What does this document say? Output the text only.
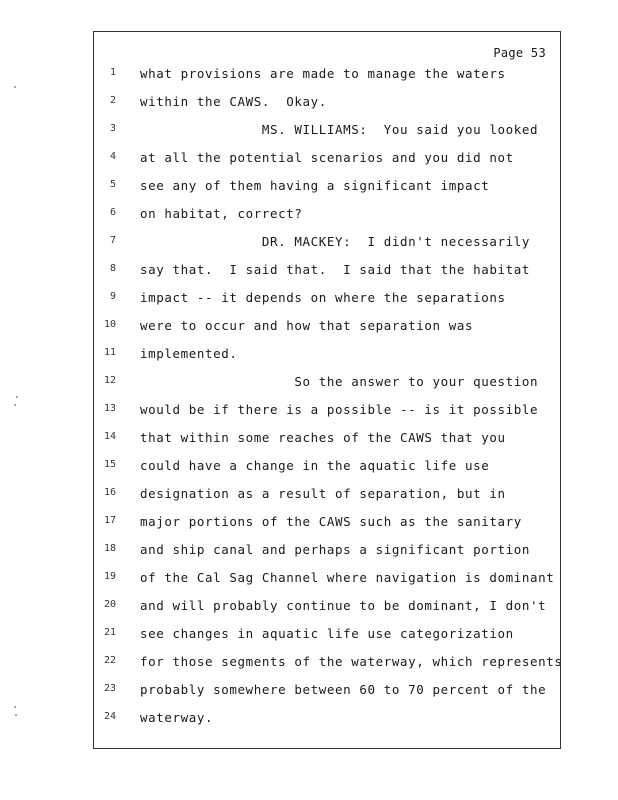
Page 53
1 what provisions are made to manage the waters
2 within the CAWS.  Okay.
3 MS. WILLIAMS:  You said you looked
4 at all the potential scenarios and you did not
5 see any of them having a significant impact
6 on habitat, correct?
7 DR. MACKEY:  I didn't necessarily
8 say that.  I said that.  I said that the habitat
9 impact -- it depends on where the separations
10 were to occur and how that separation was
11 implemented.
12 So the answer to your question
13 would be if there is a possible -- is it possible
14 that within some reaches of the CAWS that you
15 could have a change in the aquatic life use
16 designation as a result of separation, but in
17 major portions of the CAWS such as the sanitary
18 and ship canal and perhaps a significant portion
19 of the Cal Sag Channel where navigation is dominant
20 and will probably continue to be dominant, I don't
21 see changes in aquatic life use categorization
22 for those segments of the waterway, which represents
23 probably somewhere between 60 to 70 percent of the
24 waterway.
